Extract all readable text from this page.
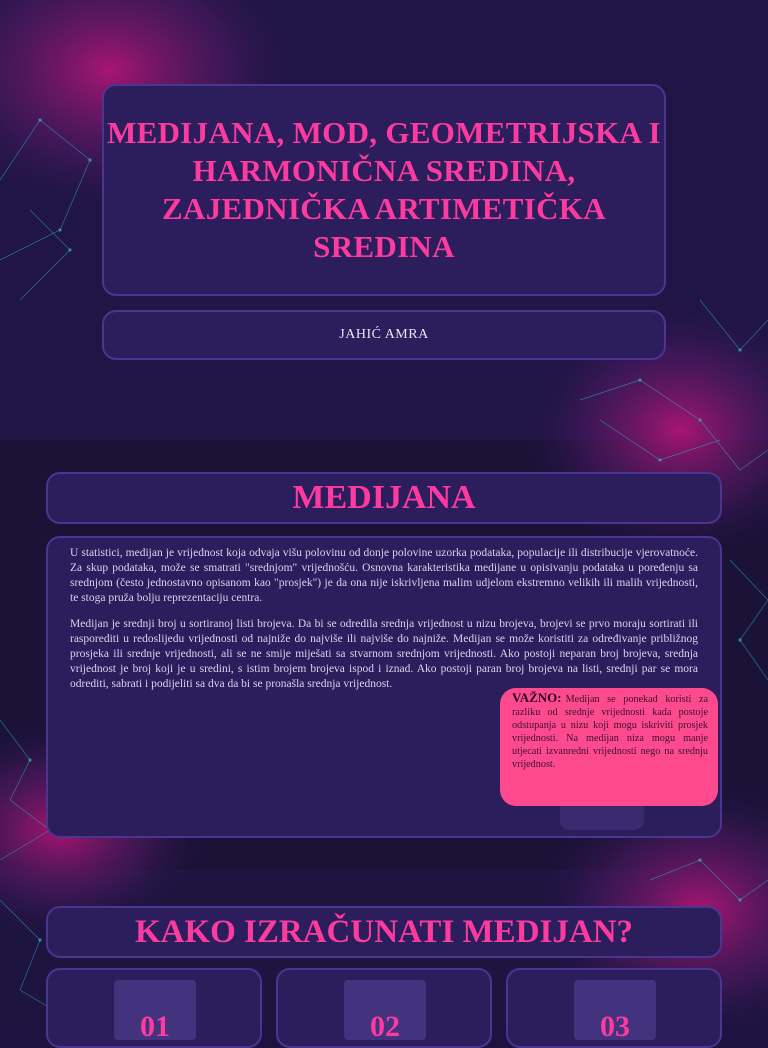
MEDIJANA, MOD, GEOMETRIJSKA I HARMONIČNA SREDINA, ZAJEDNIČKA ARTIMETIČKA SREDINA
JAHIĆ AMRA
MEDIJANA

U statistici, medijan je vrijednost koja odvaja višu polovinu od donje polovine uzorka podataka, populacije ili distribucije vjerovatnoće. Za skup podataka, može se smatrati "srednjom" vrijednošću. Osnovna karakteristika medijane u opisivanju podataka u poređenju sa srednjom (često jednostavno opisanom kao "prosjek") je da ona nije iskrivljena malim udjelom ekstremno velikih ili malih vrijednosti, te stoga pruža bolju reprezentaciju centra.

Medijan je srednji broj u sortiranoj listi brojeva. Da bi se odredila srednja vrijednost u nizu brojeva, brojevi se prvo moraju sortirati ili rasporediti u redoslijedu vrijednosti od najniže do najviše ili najviše do najniže. Medijan se može koristiti za određivanje približnog prosjeka ili srednje vrijednosti, ali se ne smije miješati sa stvarnom srednjom vrijednosti. Ako postoji neparan broj brojeva, srednja vrijednost je broj koji je u sredini, s istim brojem brojeva ispod i iznad. Ako postoji paran broj brojeva na listi, srednji par se mora odrediti, sabrati i podijeliti sa dva da bi se pronašla srednja vrijednost.

VAŽNO: Medijan se ponekad koristi za razliku od srednje vrijednosti kada postoje odstupanja u nizu koji mogu iskriviti prosjek vrijednosti. Na medijan niza mogu manje utjecati izvanredni vrijednosti nego na srednju vrijednost.
KAKO IZRAČUNATI MEDIJAN?
01	02	03
